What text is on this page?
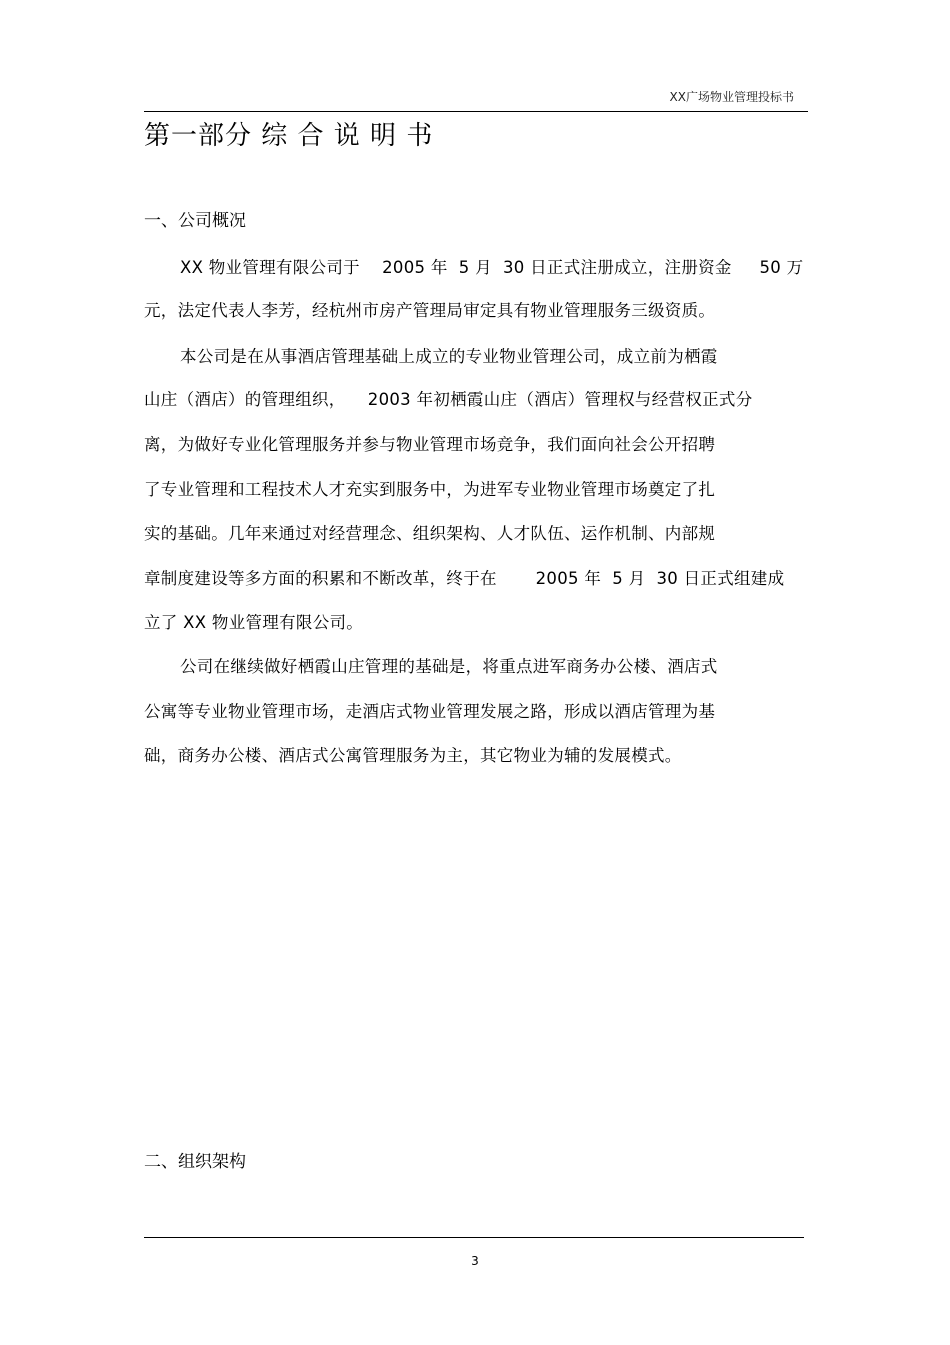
XX广场物业管理投标书
第一部分 综 合 说 明 书
一、公司概况
XX 物业管理有限公司于    2005 年  5 月  30 日正式注册成立，注册资金     50 万
元，法定代表人李芳，经杭州市房产管理局审定具有物业管理服务三级资质。
本公司是在从事酒店管理基础上成立的专业物业管理公司，成立前为栖霞
山庄（酒店）的管理组织，    2003 年初栖霞山庄（酒店）管理权与经营权正式分
离，为做好专业化管理服务并参与物业管理市场竞争，我们面向社会公开招聘
了专业管理和工程技术人才充实到服务中，为进军专业物业管理市场奠定了扎
实的基础。几年来通过对经营理念、组织架构、人才队伍、运作机制、内部规
章制度建设等多方面的积累和不断改革，终于在       2005 年  5 月  30 日正式组建成
立了 XX 物业管理有限公司。
公司在继续做好栖霞山庄管理的基础是，将重点进军商务办公楼、酒店式
公寓等专业物业管理市场，走酒店式物业管理发展之路，形成以酒店管理为基
础，商务办公楼、酒店式公寓管理服务为主，其它物业为辅的发展模式。
二、组织架构
3
